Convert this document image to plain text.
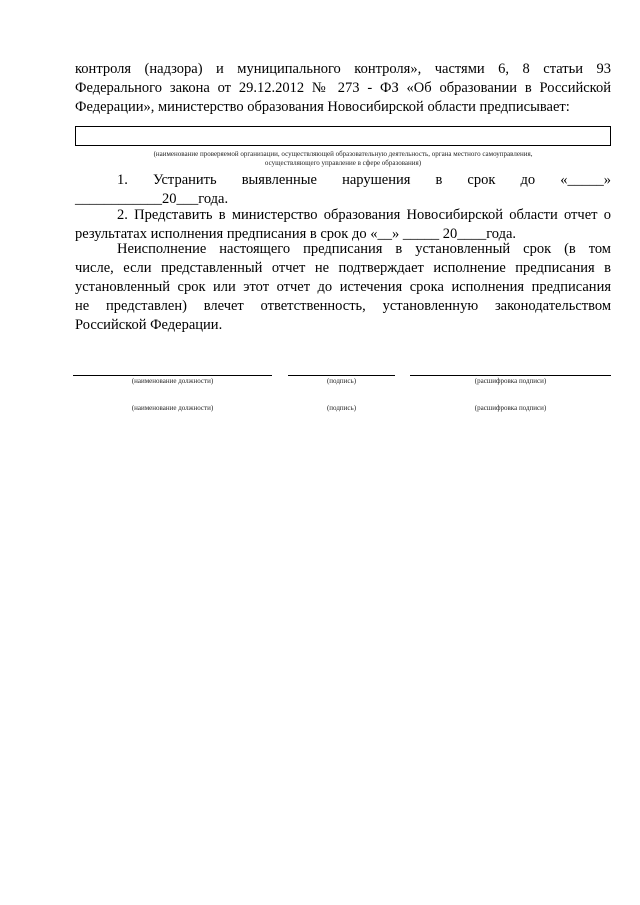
контроля (надзора) и муниципального контроля», частями 6, 8 статьи 93
Федерального закона от 29.12.2012 № 273 - ФЗ «Об образовании в Российской
Федерации», министерство образования Новосибирской области предписывает:
(наименование проверяемой организации, осуществляющей образовательную деятельность, органа местного самоуправления,
осуществляющего управление в сфере образования)
1. Устранить выявленные нарушения в срок до «_____»
____________20___года.
2. Представить в министерство образования Новосибирской области отчет о
результатах исполнения предписания в срок до «__» _____ 20____года.
Неисполнение настоящего предписания в установленный срок (в том
числе, если представленный отчет не подтверждает исполнение предписания в
установленный срок или этот отчет до истечения срока исполнения предписания
не представлен) влечет ответственность, установленную законодательством
Российской Федерации.
(наименование должности)	(подпись)	(расшифровка подписи)
(наименование должности)	(подпись)	(расшифровка подписи)
